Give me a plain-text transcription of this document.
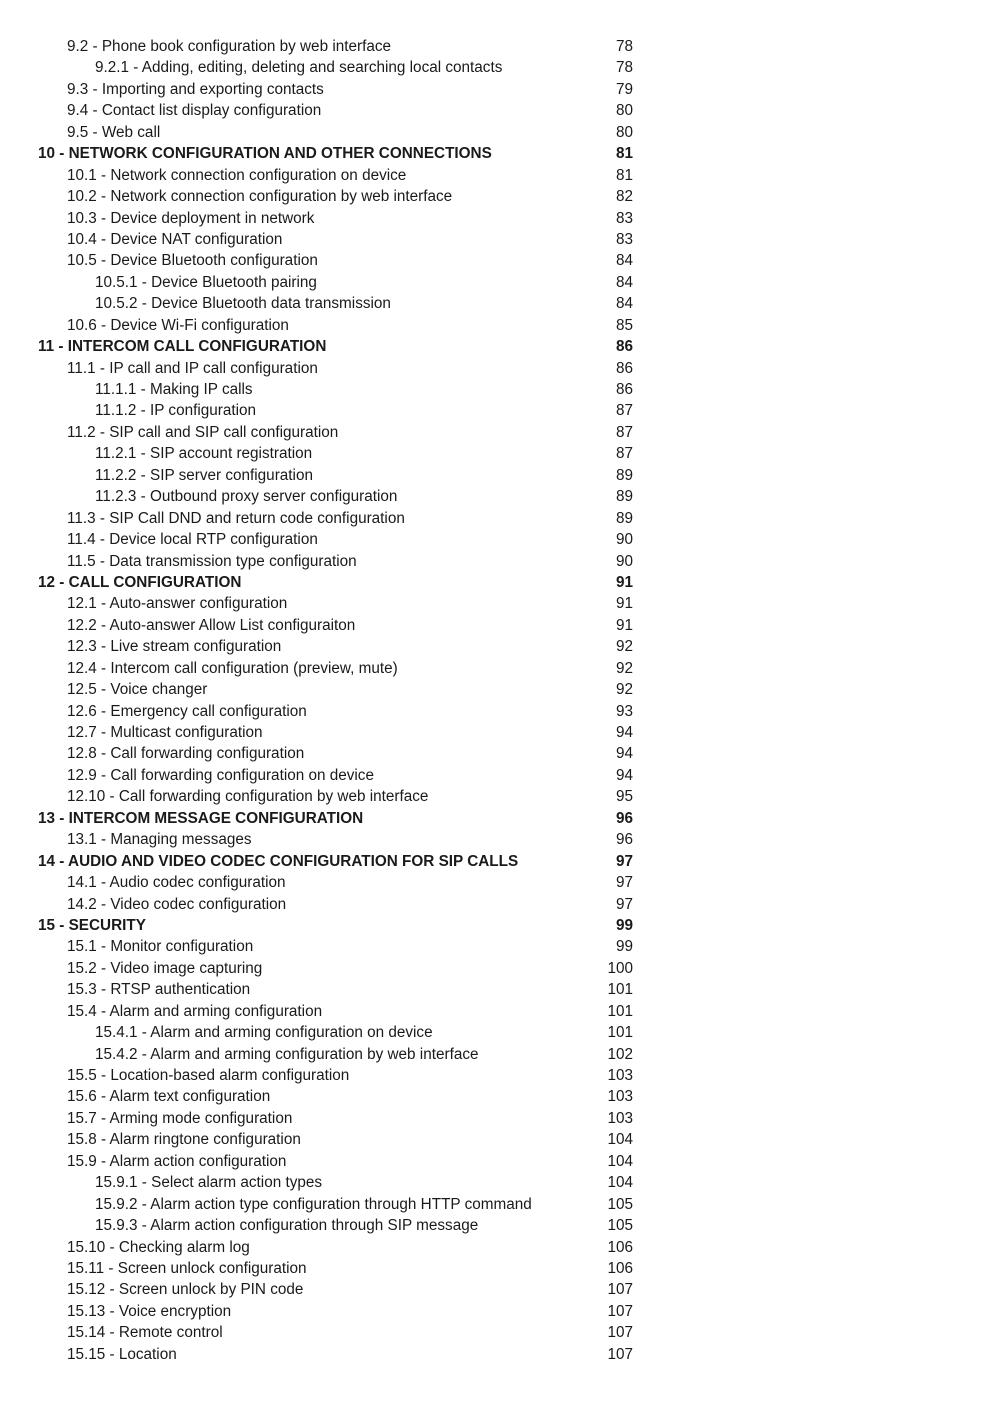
9.2 - Phone book configuration by web interface	78
9.2.1 - Adding, editing, deleting and searching local contacts	78
9.3 - Importing and exporting contacts	79
9.4 - Contact list display configuration	80
9.5 - Web call	80
10 - NETWORK CONFIGURATION AND OTHER CONNECTIONS	81
10.1 - Network connection configuration on device	81
10.2 - Network connection configuration by web interface	82
10.3 - Device deployment in network	83
10.4 - Device NAT configuration	83
10.5 - Device Bluetooth configuration	84
10.5.1 - Device Bluetooth pairing	84
10.5.2 - Device Bluetooth data transmission	84
10.6 - Device Wi-Fi configuration	85
11 - INTERCOM CALL CONFIGURATION	86
11.1 - IP call and IP call configuration	86
11.1.1 - Making IP calls	86
11.1.2 - IP configuration	87
11.2 - SIP call and SIP call configuration	87
11.2.1 - SIP account registration	87
11.2.2 - SIP server configuration	89
11.2.3 - Outbound proxy server configuration	89
11.3 - SIP Call DND and return code configuration	89
11.4 - Device local RTP configuration	90
11.5 - Data transmission type configuration	90
12 - CALL CONFIGURATION	91
12.1 - Auto-answer configuration	91
12.2 - Auto-answer Allow List configuraiton	91
12.3 - Live stream configuration	92
12.4 - Intercom call configuration (preview, mute)	92
12.5 - Voice changer	92
12.6 - Emergency call configuration	93
12.7 - Multicast configuration	94
12.8 - Call forwarding configuration	94
12.9 - Call forwarding configuration on device	94
12.10 - Call forwarding configuration by web interface	95
13 - INTERCOM MESSAGE CONFIGURATION	96
13.1 - Managing messages	96
14 - AUDIO AND VIDEO CODEC CONFIGURATION FOR SIP CALLS	97
14.1 - Audio codec configuration	97
14.2 - Video codec configuration	97
15 - SECURITY	99
15.1 - Monitor configuration	99
15.2 - Video image capturing	100
15.3 - RTSP authentication	101
15.4 - Alarm and arming configuration	101
15.4.1 - Alarm and arming configuration on device	101
15.4.2 - Alarm and arming configuration by web interface	102
15.5 - Location-based alarm configuration	103
15.6 - Alarm text configuration	103
15.7 - Arming mode configuration	103
15.8 - Alarm ringtone configuration	104
15.9 - Alarm action configuration	104
15.9.1 - Select alarm action types	104
15.9.2 - Alarm action type configuration through HTTP command	105
15.9.3 - Alarm action configuration through SIP message	105
15.10 - Checking alarm log	106
15.11 - Screen unlock configuration	106
15.12 - Screen unlock by PIN code	107
15.13 - Voice encryption	107
15.14 - Remote control	107
15.15 - Location	107
